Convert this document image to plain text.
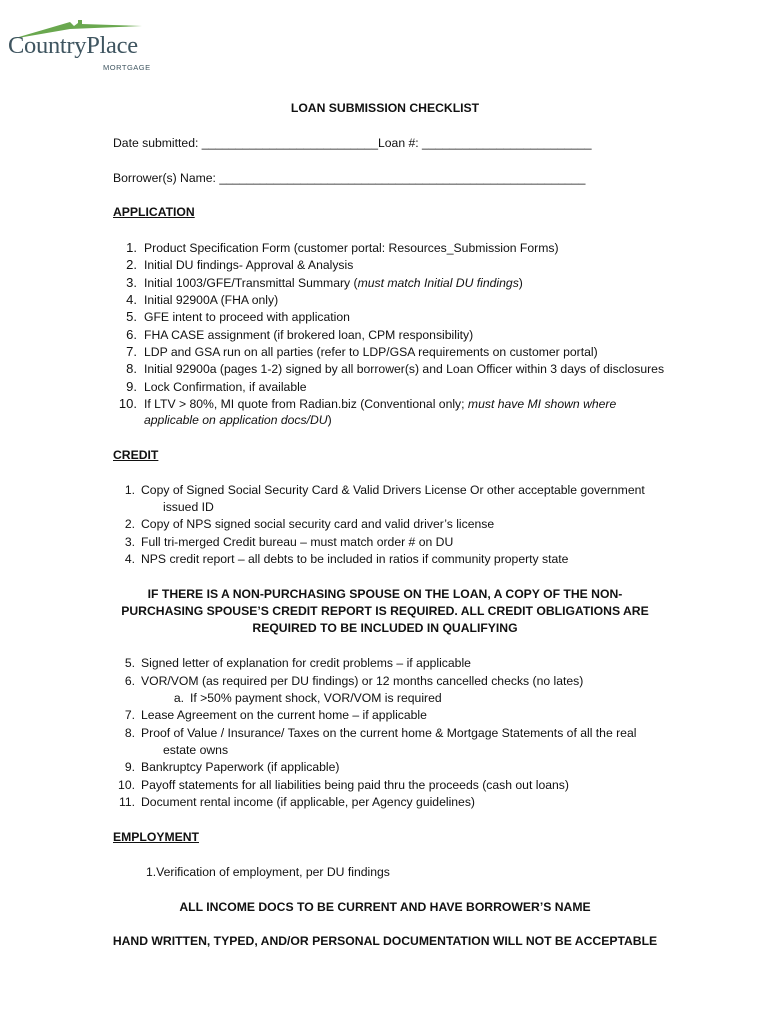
CountryPlace
MORTGAGE
LOAN SUBMISSION CHECKLIST
Date submitted: __________________________Loan #: _________________________
Borrower(s) Name: ______________________________________________________
APPLICATION
1. Product Specification Form (customer portal: Resources_Submission Forms)
2. Initial DU findings- Approval & Analysis
3. Initial 1003/GFE/Transmittal Summary (must match Initial DU findings)
4. Initial 92900A (FHA only)
5. GFE intent to proceed with application
6. FHA CASE assignment (if brokered loan, CPM responsibility)
7. LDP and GSA run on all parties (refer to LDP/GSA requirements on customer portal)
8. Initial 92900a (pages 1-2) signed by all borrower(s) and Loan Officer within 3 days of disclosures
9. Lock Confirmation, if available
10. If LTV > 80%, MI quote from Radian.biz (Conventional only; must have MI shown where
applicable on application docs/DU)
CREDIT
1. Copy of Signed Social Security Card & Valid Drivers License Or other acceptable government
issued ID
2. Copy of NPS signed social security card and valid driver’s license
3. Full tri-merged Credit bureau – must match order # on DU
4. NPS credit report – all debts to be included in ratios if community property state
IF THERE IS A NON-PURCHASING SPOUSE ON THE LOAN, A COPY OF THE NON-
PURCHASING SPOUSE’S CREDIT REPORT IS REQUIRED. ALL CREDIT OBLIGATIONS ARE
REQUIRED TO BE INCLUDED IN QUALIFYING
5. Signed letter of explanation for credit problems – if applicable
6. VOR/VOM (as required per DU findings) or 12 months cancelled checks (no lates)
a. If >50% payment shock, VOR/VOM is required
7. Lease Agreement on the current home – if applicable
8. Proof of Value / Insurance/ Taxes on the current home & Mortgage Statements of all the real
estate owns
9. Bankruptcy Paperwork (if applicable)
10. Payoff statements for all liabilities being paid thru the proceeds (cash out loans)
11. Document rental income (if applicable, per Agency guidelines)
EMPLOYMENT
1.Verification of employment, per DU findings
ALL INCOME DOCS TO BE CURRENT AND HAVE BORROWER’S NAME
HAND WRITTEN, TYPED, AND/OR PERSONAL DOCUMENTATION WILL NOT BE ACCEPTABLE
